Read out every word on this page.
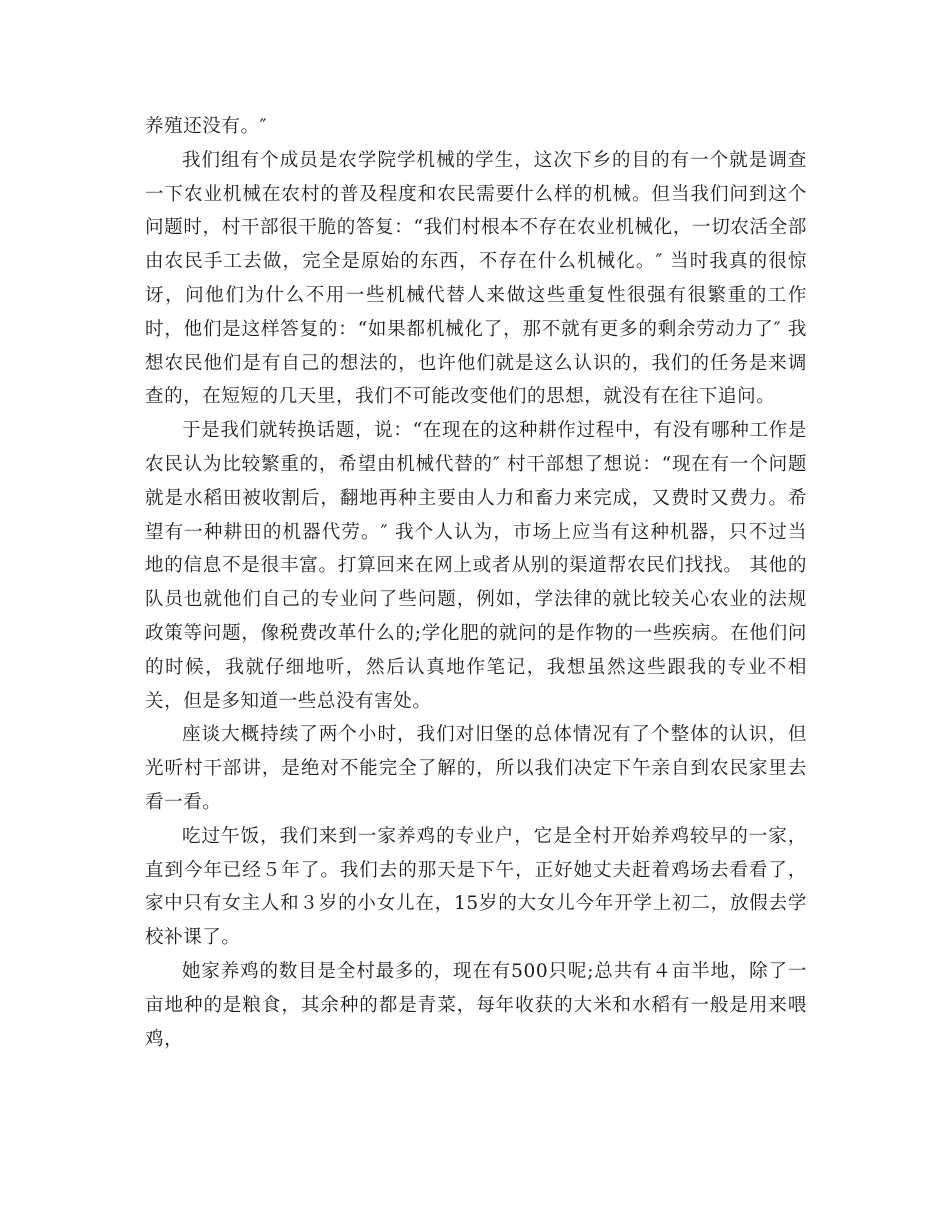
养殖还没有。″

我们组有个成员是农学院学机械的学生，这次下乡的目的有一个就是调查一下农业机械在农村的普及程度和农民需要什么样的机械。但当我们问到这个问题时，村干部很干脆的答复：“我们村根本不存在农业机械化，一切农活全部由农民手工去做，完全是原始的东西，不存在什么机械化。″ 当时我真的很惊讶，问他们为什么不用一些机械代替人来做这些重复性很强有很繁重的工作时，他们是这样答复的：“如果都机械化了，那不就有更多的剩余劳动力了″ 我想农民他们是有自己的想法的，也许他们就是这么认识的，我们的任务是来调查的，在短短的几天里，我们不可能改变他们的思想，就没有在往下追问。

于是我们就转换话题，说：“在现在的这种耕作过程中，有没有哪种工作是农民认为比较繁重的，希望由机械代替的″ 村干部想了想说：“现在有一个问题就是水稻田被收割后，翻地再种主要由人力和畜力来完成，又费时又费力。希望有一种耕田的机器代劳。″ 我个人认为，市场上应当有这种机器，只不过当地的信息不是很丰富。打算回来在网上或者从别的渠道帮农民们找找。 其他的队员也就他们自己的专业问了些问题，例如，学法律的就比较关心农业的法规政策等问题，像税费改革什么的;学化肥的就问的是作物的一些疾病。在他们问的时候，我就仔细地听，然后认真地作笔记，我想虽然这些跟我的专业不相关，但是多知道一些总没有害处。

座谈大概持续了两个小时，我们对旧堡的总体情况有了个整体的认识，但光听村干部讲，是绝对不能完全了解的，所以我们决定下午亲自到农民家里去看一看。

吃过午饭，我们来到一家养鸡的专业户，它是全村开始养鸡较早的一家，直到今年已经５年了。我们去的那天是下午，正好她丈夫赶着鸡场去看看了，家中只有女主人和３岁的小女儿在，15岁的大女儿今年开学上初二，放假去学校补课了。

她家养鸡的数目是全村最多的，现在有500只呢;总共有４亩半地，除了一亩地种的是粮食，其余种的都是青菜，每年收获的大米和水稻有一般是用来喂鸡，
